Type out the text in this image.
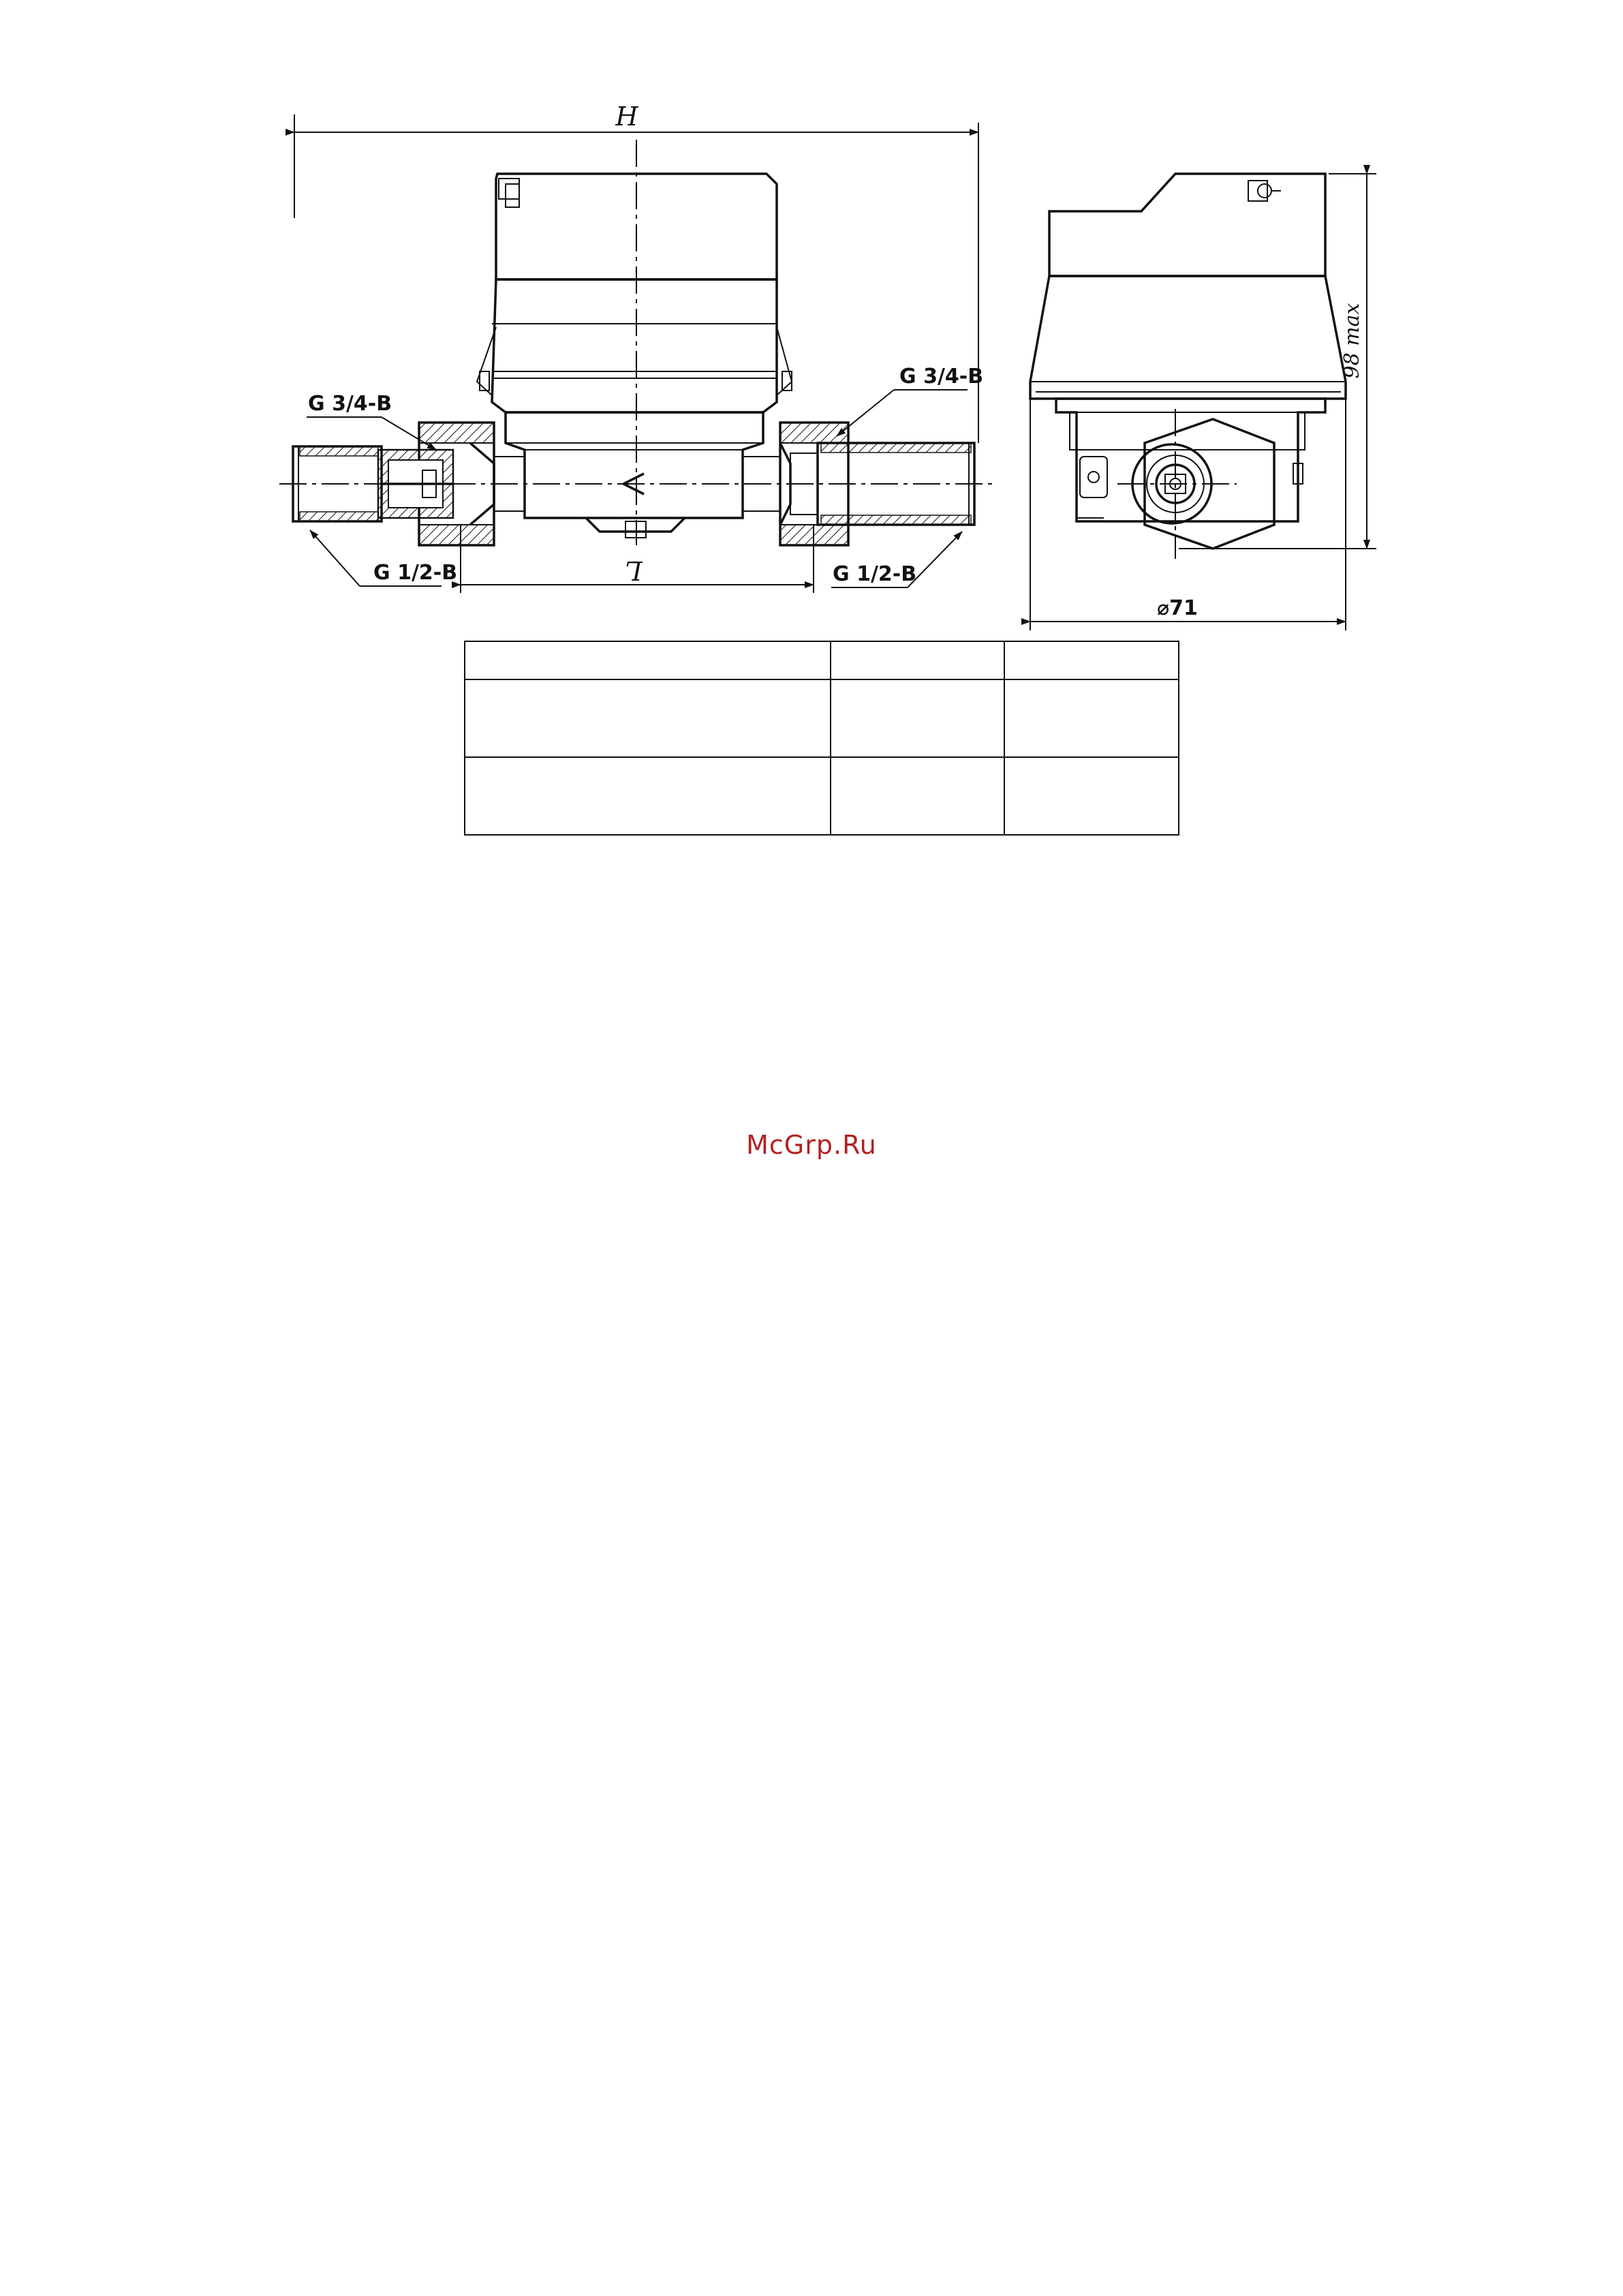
H
L
G 3/4-B
G 3/4-B
G 1/2-B	G 1/2-B
98 max
⌀71

McGrp.Ru
